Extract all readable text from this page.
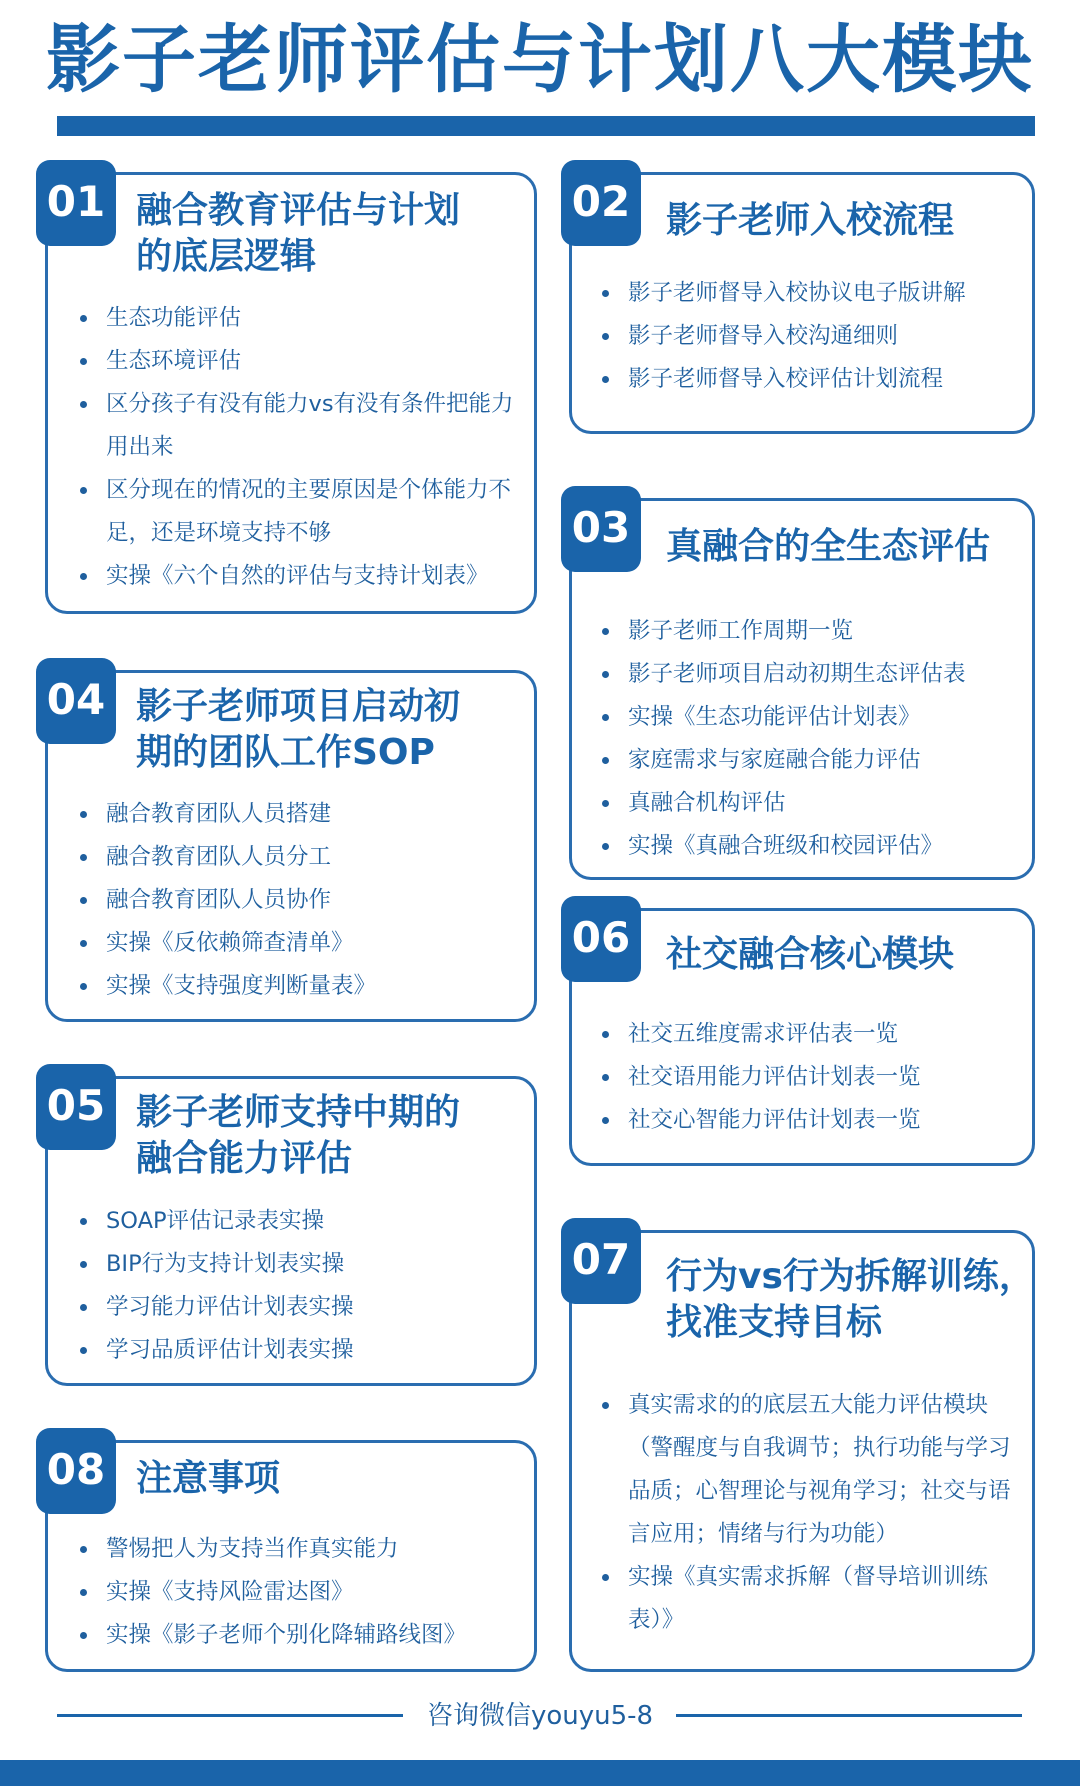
影子老师评估与计划八大模块
01 融合教育评估与计划
的底层逻辑
生态功能评估
生态环境评估
区分孩子有没有能力vs有没有条件把能力用出来
区分现在的情况的主要原因是个体能力不足，还是环境支持不够
实操《六个自然的评估与支持计划表》
02 影子老师入校流程
影子老师督导入校协议电子版讲解
影子老师督导入校沟通细则
影子老师督导入校评估计划流程
03 真融合的全生态评估
影子老师工作周期一览
影子老师项目启动初期生态评估表
实操《生态功能评估计划表》
家庭需求与家庭融合能力评估
真融合机构评估
实操《真融合班级和校园评估》
04 影子老师项目启动初
期的团队工作SOP
融合教育团队人员搭建
融合教育团队人员分工
融合教育团队人员协作
实操《反依赖筛查清单》
实操《支持强度判断量表》
06 社交融合核心模块
社交五维度需求评估表一览
社交语用能力评估计划表一览
社交心智能力评估计划表一览
05 影子老师支持中期的
融合能力评估
SOAP评估记录表实操
BIP行为支持计划表实操
学习能力评估计划表实操
学习品质评估计划表实操
07 行为vs行为拆解训练，
找准支持目标
真实需求的的底层五大能力评估模块（警醒度与自我调节；执行功能与学习品质；心智理论与视角学习；社交与语言应用；情绪与行为功能）
实操《真实需求拆解（督导培训训练表）》
08 注意事项
警惕把人为支持当作真实能力
实操《支持风险雷达图》
实操《影子老师个别化降辅路线图》
咨询微信youyu5-8
